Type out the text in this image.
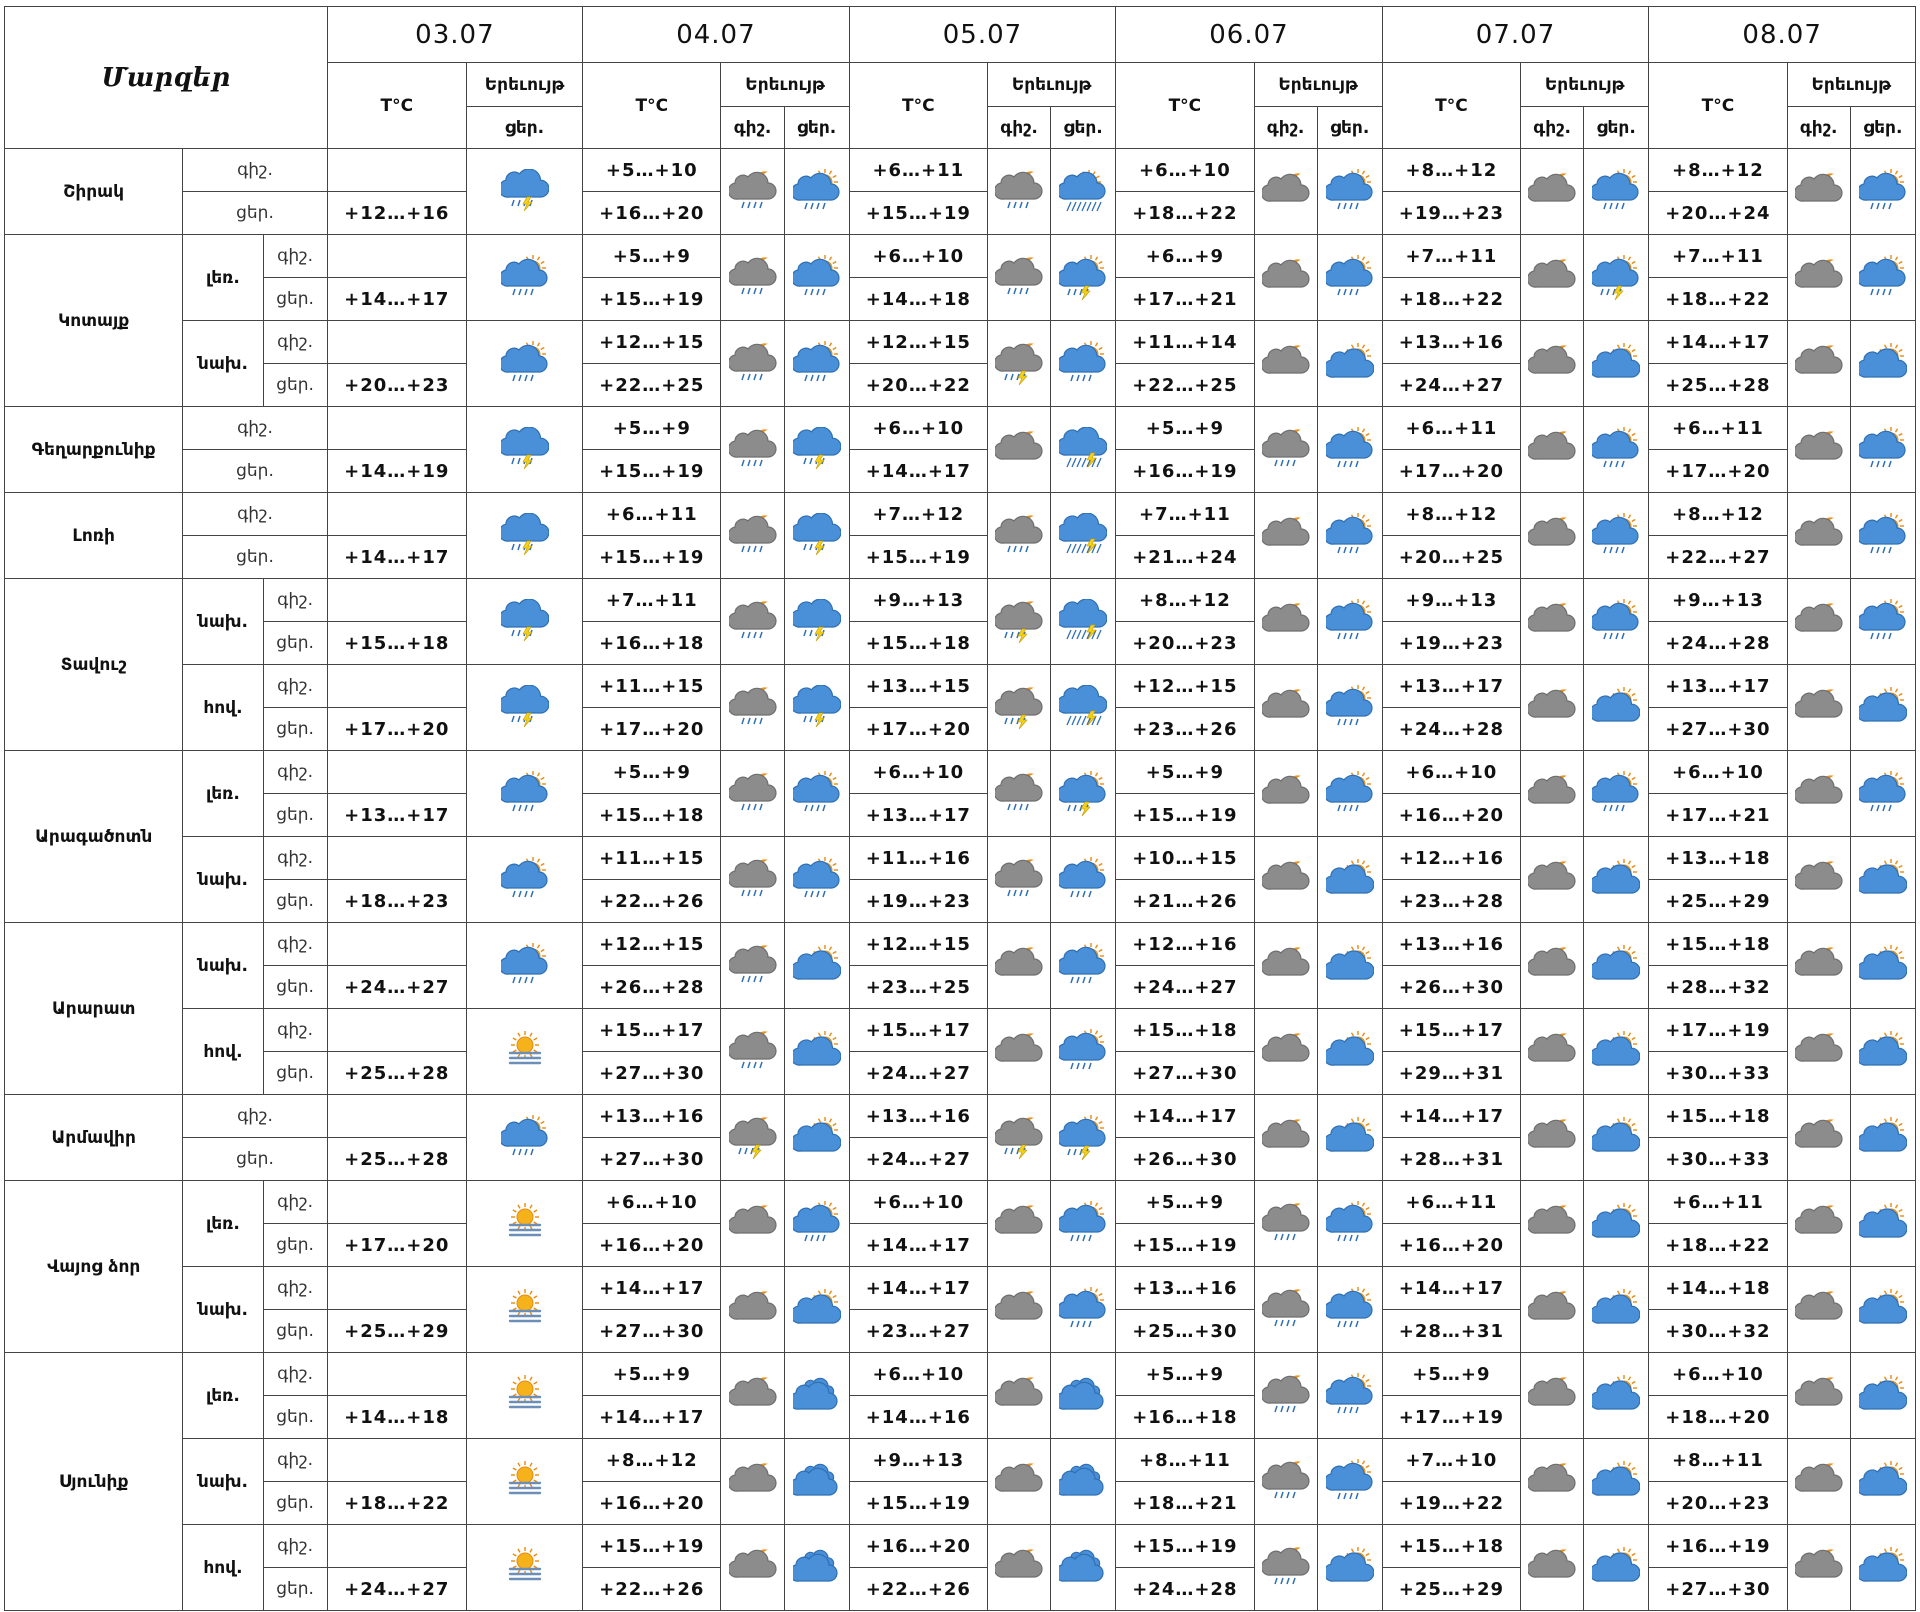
Մարզեր			03.07		04.07			05.07			06.07			07.07			08.07		
			T°C	Երեւույթ	T°C	Երեւույթ		T°C	Երեւույթ		T°C	Երեւույթ		T°C	Երեւույթ		T°C	Երեւույթ	
				ցեր.		գիշ.	ցեր.		գիշ.	ցեր.		գիշ.	ցեր.		գիշ.	ցեր.		գիշ.	ցեր.
Շիրակ	գիշ.				+5…+10			+6…+11			+6…+10			+8…+12			+8…+12	

	ցեր.		+12…+16		+16…+20			+15…+19			+18…+22			+19…+23			+20…+24		
Կոտայք	լեռ.	գիշ.			+5…+9			+6…+10			+6…+9			+7…+11			+7…+11	

		ցեր.	+14…+17		+15…+19			+14…+18			+17…+21			+18…+22			+18…+22		
	նախ.	գիշ.			+12…+15			+12…+15			+11…+14			+13…+16			+14…+17	

		ցեր.	+20…+23		+22…+25			+20…+22			+22…+25			+24…+27			+25…+28		
Գեղարքունիք	գիշ.				+5…+9			+6…+10			+5…+9			+6…+11			+6…+11	

	ցեր.		+14…+19		+15…+19			+14…+17			+16…+19			+17…+20			+17…+20		
Լոռի	գիշ.				+6…+11			+7…+12			+7…+11			+8…+12			+8…+12	

	ցեր.		+14…+17		+15…+19			+15…+19			+21…+24			+20…+25			+22…+27		
Տավուշ	նախ.	գիշ.			+7…+11			+9…+13			+8…+12			+9…+13			+9…+13	

		ցեր.	+15…+18		+16…+18			+15…+18			+20…+23			+19…+23			+24…+28		
	հով.	գիշ.			+11…+15			+13…+15			+12…+15			+13…+17			+13…+17	

		ցեր.	+17…+20		+17…+20			+17…+20			+23…+26			+24…+28			+27…+30		
Արագածոտն	լեռ.	գիշ.			+5…+9			+6…+10			+5…+9			+6…+10			+6…+10	

		ցեր.	+13…+17		+15…+18			+13…+17			+15…+19			+16…+20			+17…+21		
	նախ.	գիշ.			+11…+15			+11…+16			+10…+15			+12…+16			+13…+18	

		ցեր.	+18…+23		+22…+26			+19…+23			+21…+26			+23…+28			+25…+29		
Արարատ	նախ.	գիշ.			+12…+15			+12…+15			+12…+16			+13…+16			+15…+18	

		ցեր.	+24…+27		+26…+28			+23…+25			+24…+27			+26…+30			+28…+32		
	հով.	գիշ.			+15…+17			+15…+17			+15…+18			+15…+17			+17…+19	

		ցեր.	+25…+28		+27…+30			+24…+27			+27…+30			+29…+31			+30…+33		
Արմավիր	գիշ.				+13…+16			+13…+16			+14…+17			+14…+17			+15…+18	

	ցեր.		+25…+28		+27…+30			+24…+27			+26…+30			+28…+31			+30…+33		
Վայոց ձոր	լեռ.	գիշ.			+6…+10			+6…+10			+5…+9			+6…+11			+6…+11	

		ցեր.	+17…+20		+16…+20			+14…+17			+15…+19			+16…+20			+18…+22		
	նախ.	գիշ.			+14…+17			+14…+17			+13…+16			+14…+17			+14…+18	

		ցեր.	+25…+29		+27…+30			+23…+27			+25…+30			+28…+31			+30…+32		
Սյունիք	լեռ.	գիշ.			+5…+9			+6…+10			+5…+9			+5…+9			+6…+10	

		ցեր.	+14…+18		+14…+17			+14…+16			+16…+18			+17…+19			+18…+20		
	նախ.	գիշ.			+8…+12			+9…+13			+8…+11			+7…+10			+8…+11	

		ցեր.	+18…+22		+16…+20			+15…+19			+18…+21			+19…+22			+20…+23		
	հով.	գիշ.			+15…+19			+16…+20			+15…+19			+15…+18			+16…+19	

		ցեր.	+24…+27		+22…+26			+22…+26			+24…+28			+25…+29			+27…+30		
